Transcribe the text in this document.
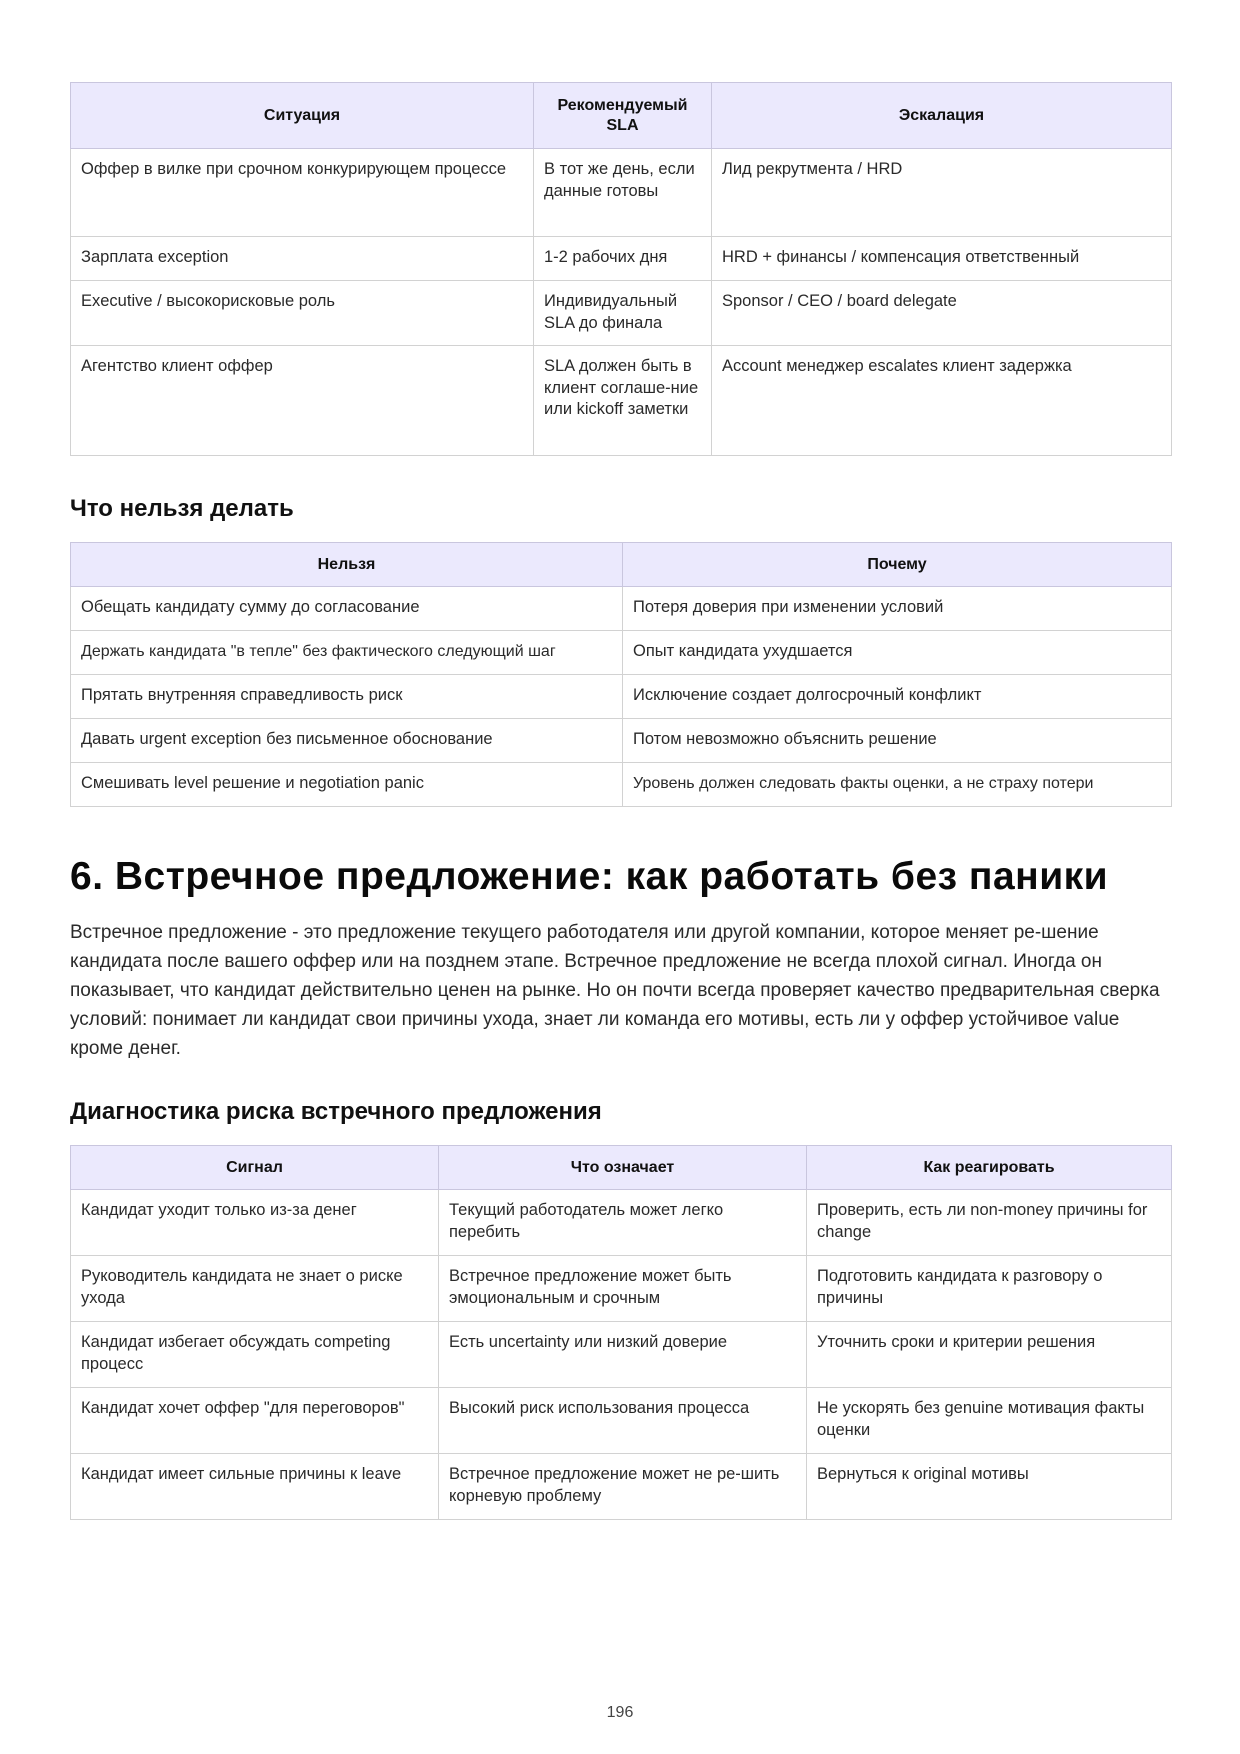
Ситуация	Рекомендуемый SLA	Эскалация
Оффер в вилке при срочном конкурирующем процессе	В тот же день, если данные готовы	Лид рекрутмента / HRD
Зарплата exception	1-2 рабочих дня	HRD + финансы / компенсация ответственный
Executive / высокорисковые роль	Индивидуальный SLA до финала	Sponsor / CEO / board delegate
Агентство клиент оффер	SLA должен быть в клиент соглаше-ние или kickoff заметки	Account менеджер escalates клиент задержка
Что нельзя делать
Нельзя	Почему
Обещать кандидату сумму до согласование	Потеря доверия при изменении условий
Держать кандидата "в тепле" без фактического следующий шаг	Опыт кандидата ухудшается
Прятать внутренняя справедливость риск	Исключение создает долгосрочный конфликт
Давать urgent exception без письменное обоснование	Потом невозможно объяснить решение
Смешивать level решение и negotiation panic	Уровень должен следовать факты оценки, а не страху потери
6. Встречное предложение: как работать без паники

Встречное предложение - это предложение текущего работодателя или другой компании, которое меняет ре-шение кандидата после вашего оффер или на позднем этапе. Встречное предложение не всегда плохой сигнал. Иногда он показывает, что кандидат действительно ценен на рынке. Но он почти всегда проверяет качество предварительная сверка условий: понимает ли кандидат свои причины ухода, знает ли команда его мотивы, есть ли у оффер устойчивое value кроме денег.

Диагностика риска встречного предложения
Сигнал	Что означает	Как реагировать
Кандидат уходит только из-за денег	Текущий работодатель может легко перебить	Проверить, есть ли non-money причины for change
Руководитель кандидата не знает о риске ухода	Встречное предложение может быть эмоциональным и срочным	Подготовить кандидата к разговору о причины
Кандидат избегает обсуждать competing процесс	Есть uncertainty или низкий доверие	Уточнить сроки и критерии решения
Кандидат хочет оффер "для переговоров"	Высокий риск использования процесса	Не ускорять без genuine мотивация факты оценки
Кандидат имеет сильные причины к leave	Встречное предложение может не ре-шить корневую проблему	Вернуться к original мотивы
196
